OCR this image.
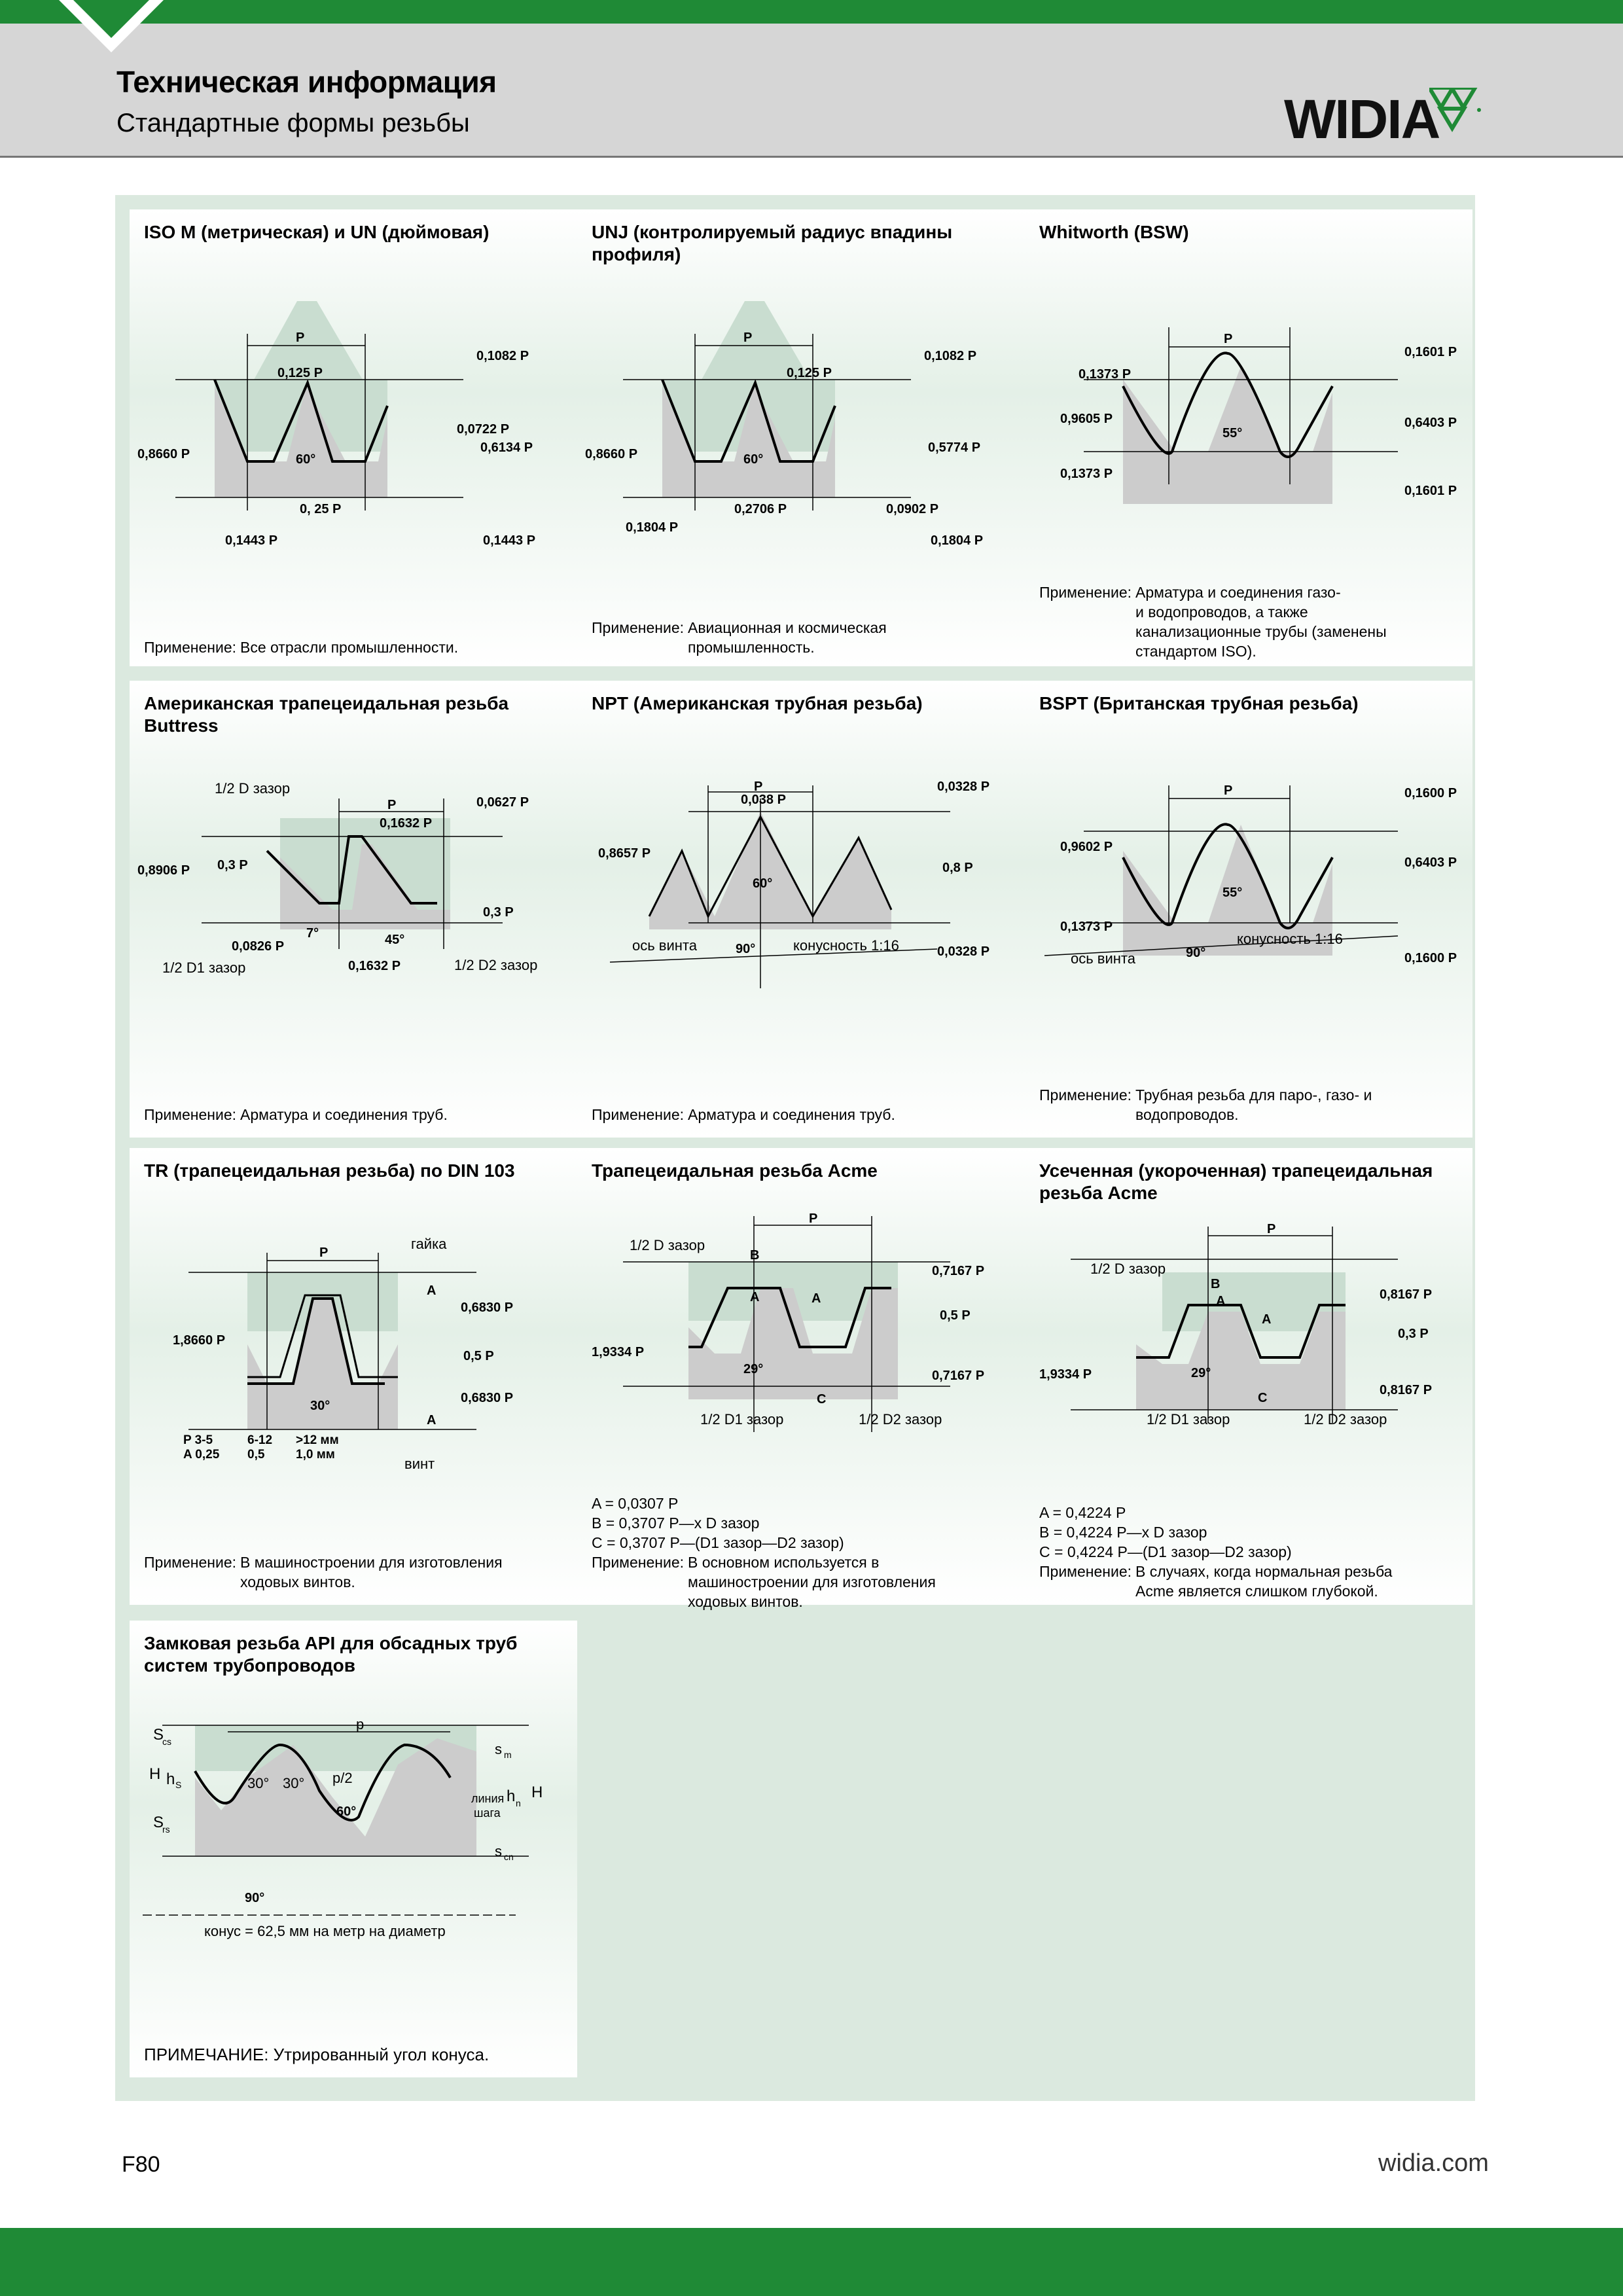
Техническая информация
Стандартные формы резьбы	WIDIA
ISO M (метрическая) и UN (дюймовая)
P
0,125 P
0,1082 P
0,0722 P
0,6134 P
0,8660 P	60°
0, 25 P
0,1443 P	0,1443 P
Применение: Все отрасли промышленности.
UNJ (контролируемый радиус впадины профиля)
P
0,125 P
0,1082 P
0,5774 P
0,8660 P	60°
0,2706 P	0,0902 P
0,1804 P
0,1804 P
Применение: Авиационная и космическая
промышленность.
Whitworth (BSW)
P
0,1373 P
0,1601 P
0,9605 P
55°
0,6403 P
0,1373 P
0,1601 P
Применение: Арматура и соединения газо-
и водопроводов, а также
канализационные трубы (заменены
стандартом ISO).
Американская трапецеидальная резьба Buttress
1/2 D зазор
P
0,1632 P
0,0627 P
0,8906 P 0,3 P
0,3 P
7°	45°
0,0826 P
1/2 D1 зазор	0,1632 P	1/2 D2 зазор
Применение: Арматура и соединения труб.
NPT (Американская трубная резьба)
P
0,038 P
0,0328 P
0,8657 P
60°
0,8 P
ось винта	90°	конусность 1:16	0,0328 P
Применение: Арматура и соединения труб.
BSPT (Британская трубная резьба)
P	0,1600 P
0,9602 P
55°
0,6403 P
0,1373 P
конусность 1:16
ось винта	90°	0,1600 P
Применение: Трубная резьба для паро-, газо- и
водопроводов.
TR (трапецеидальная резьба) по DIN 103
P
гайка
A
0,6830 P
1,8660 P
0,5 P
30°
0,6830 P
A
винт
P 3-5
A 0,25
6-12
0,5
>12 мм
1,0 мм
Применение: В машиностроении для изготовления
ходовых винтов.
Трапецеидальная резьба Acme
P
1/2 D зазор
B
0,7167 P
A	A
0,5 P
1,9334 P
29°	0,7167 P
C
1/2 D1 зазор	1/2 D2 зазор
A = 0,0307 P
B = 0,3707 P—x D зазор
C = 0,3707 P—(D1 зазор—D2 зазор)
Применение: В основном используется в
машиностроении для изготовления
ходовых винтов.
Усеченная (укороченная) трапецеидальная резьба Acme
P
1/2 D зазор
B
0,8167 P
A
A
0,3 P
1,9334 P	29°
0,8167 P
C
1/2 D1 зазор	1/2 D2 зазор
A = 0,4224 P
B = 0,4224 P—x D зазор
C = 0,4224 P—(D1 зазор—D2 зазор)
Применение: В случаях, когда нормальная резьба
Acme является слишком глубокой.
Замковая резьба API для обсадных труб систем трубопроводов
p
S
cs
H h S
S
rs
30° 30° p/2
60°
s m
линия
шага
h n
H
s cn
90°
конус = 62,5 мм на метр на диаметр
ПРИМЕЧАНИЕ: Утрированный угол конуса.
F80	widia.com
